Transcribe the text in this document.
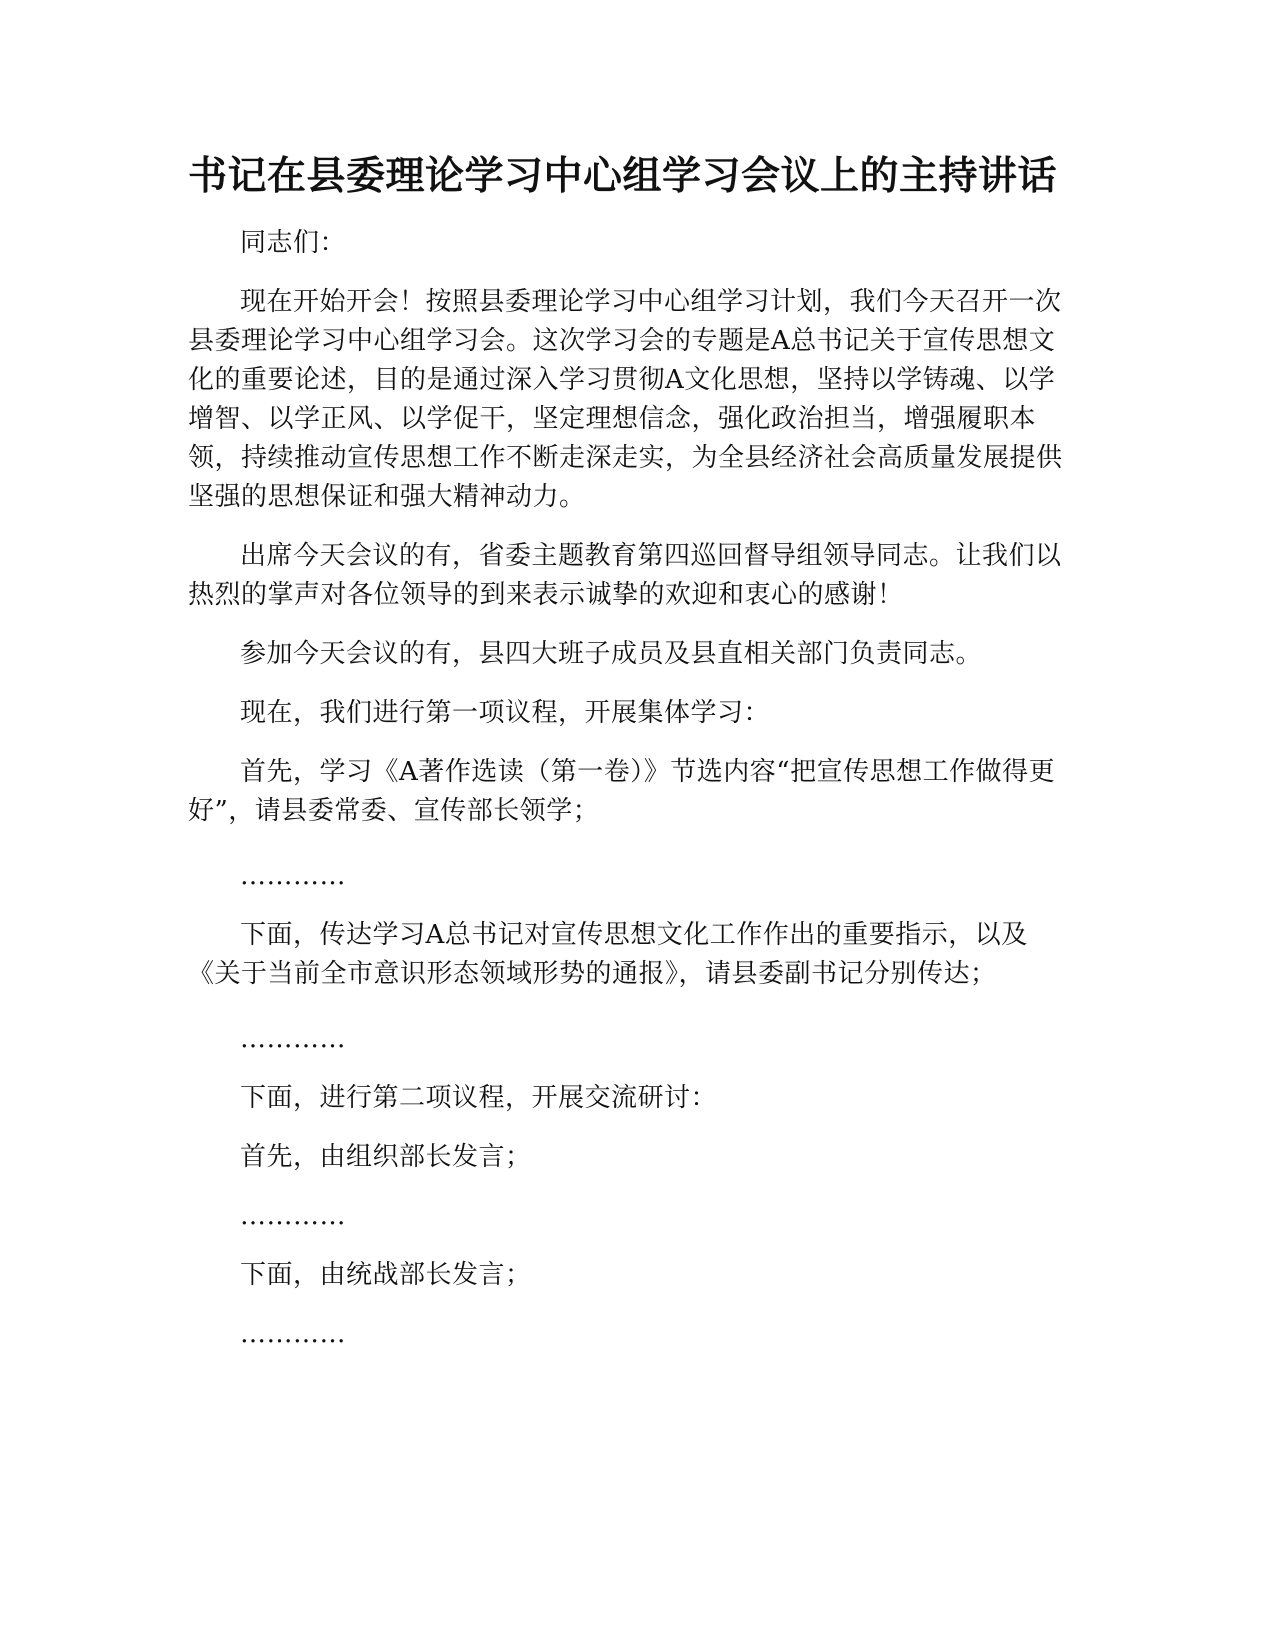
书记在县委理论学习中心组学习会议上的主持讲话

同志们：

现在开始开会！按照县委理论学习中心组学习计划，我们今天召开一次县委理论学习中心组学习会。这次学习会的专题是A总书记关于宣传思想文化的重要论述，目的是通过深入学习贯彻A文化思想，坚持以学铸魂、以学增智、以学正风、以学促干，坚定理想信念，强化政治担当，增强履职本领，持续推动宣传思想工作不断走深走实，为全县经济社会高质量发展提供坚强的思想保证和强大精神动力。

出席今天会议的有，省委主题教育第四巡回督导组领导同志。让我们以热烈的掌声对各位领导的到来表示诚挚的欢迎和衷心的感谢！

参加今天会议的有，县四大班子成员及县直相关部门负责同志。

现在，我们进行第一项议程，开展集体学习：

首先，学习《A著作选读（第一卷）》节选内容“把宣传思想工作做得更好”，请县委常委、宣传部长领学；

…………

下面，传达学习A总书记对宣传思想文化工作作出的重要指示，以及《关于当前全市意识形态领域形势的通报》，请县委副书记分别传达；

…………

下面，进行第二项议程，开展交流研讨：

首先，由组织部长发言；

…………

下面，由统战部长发言；

…………
